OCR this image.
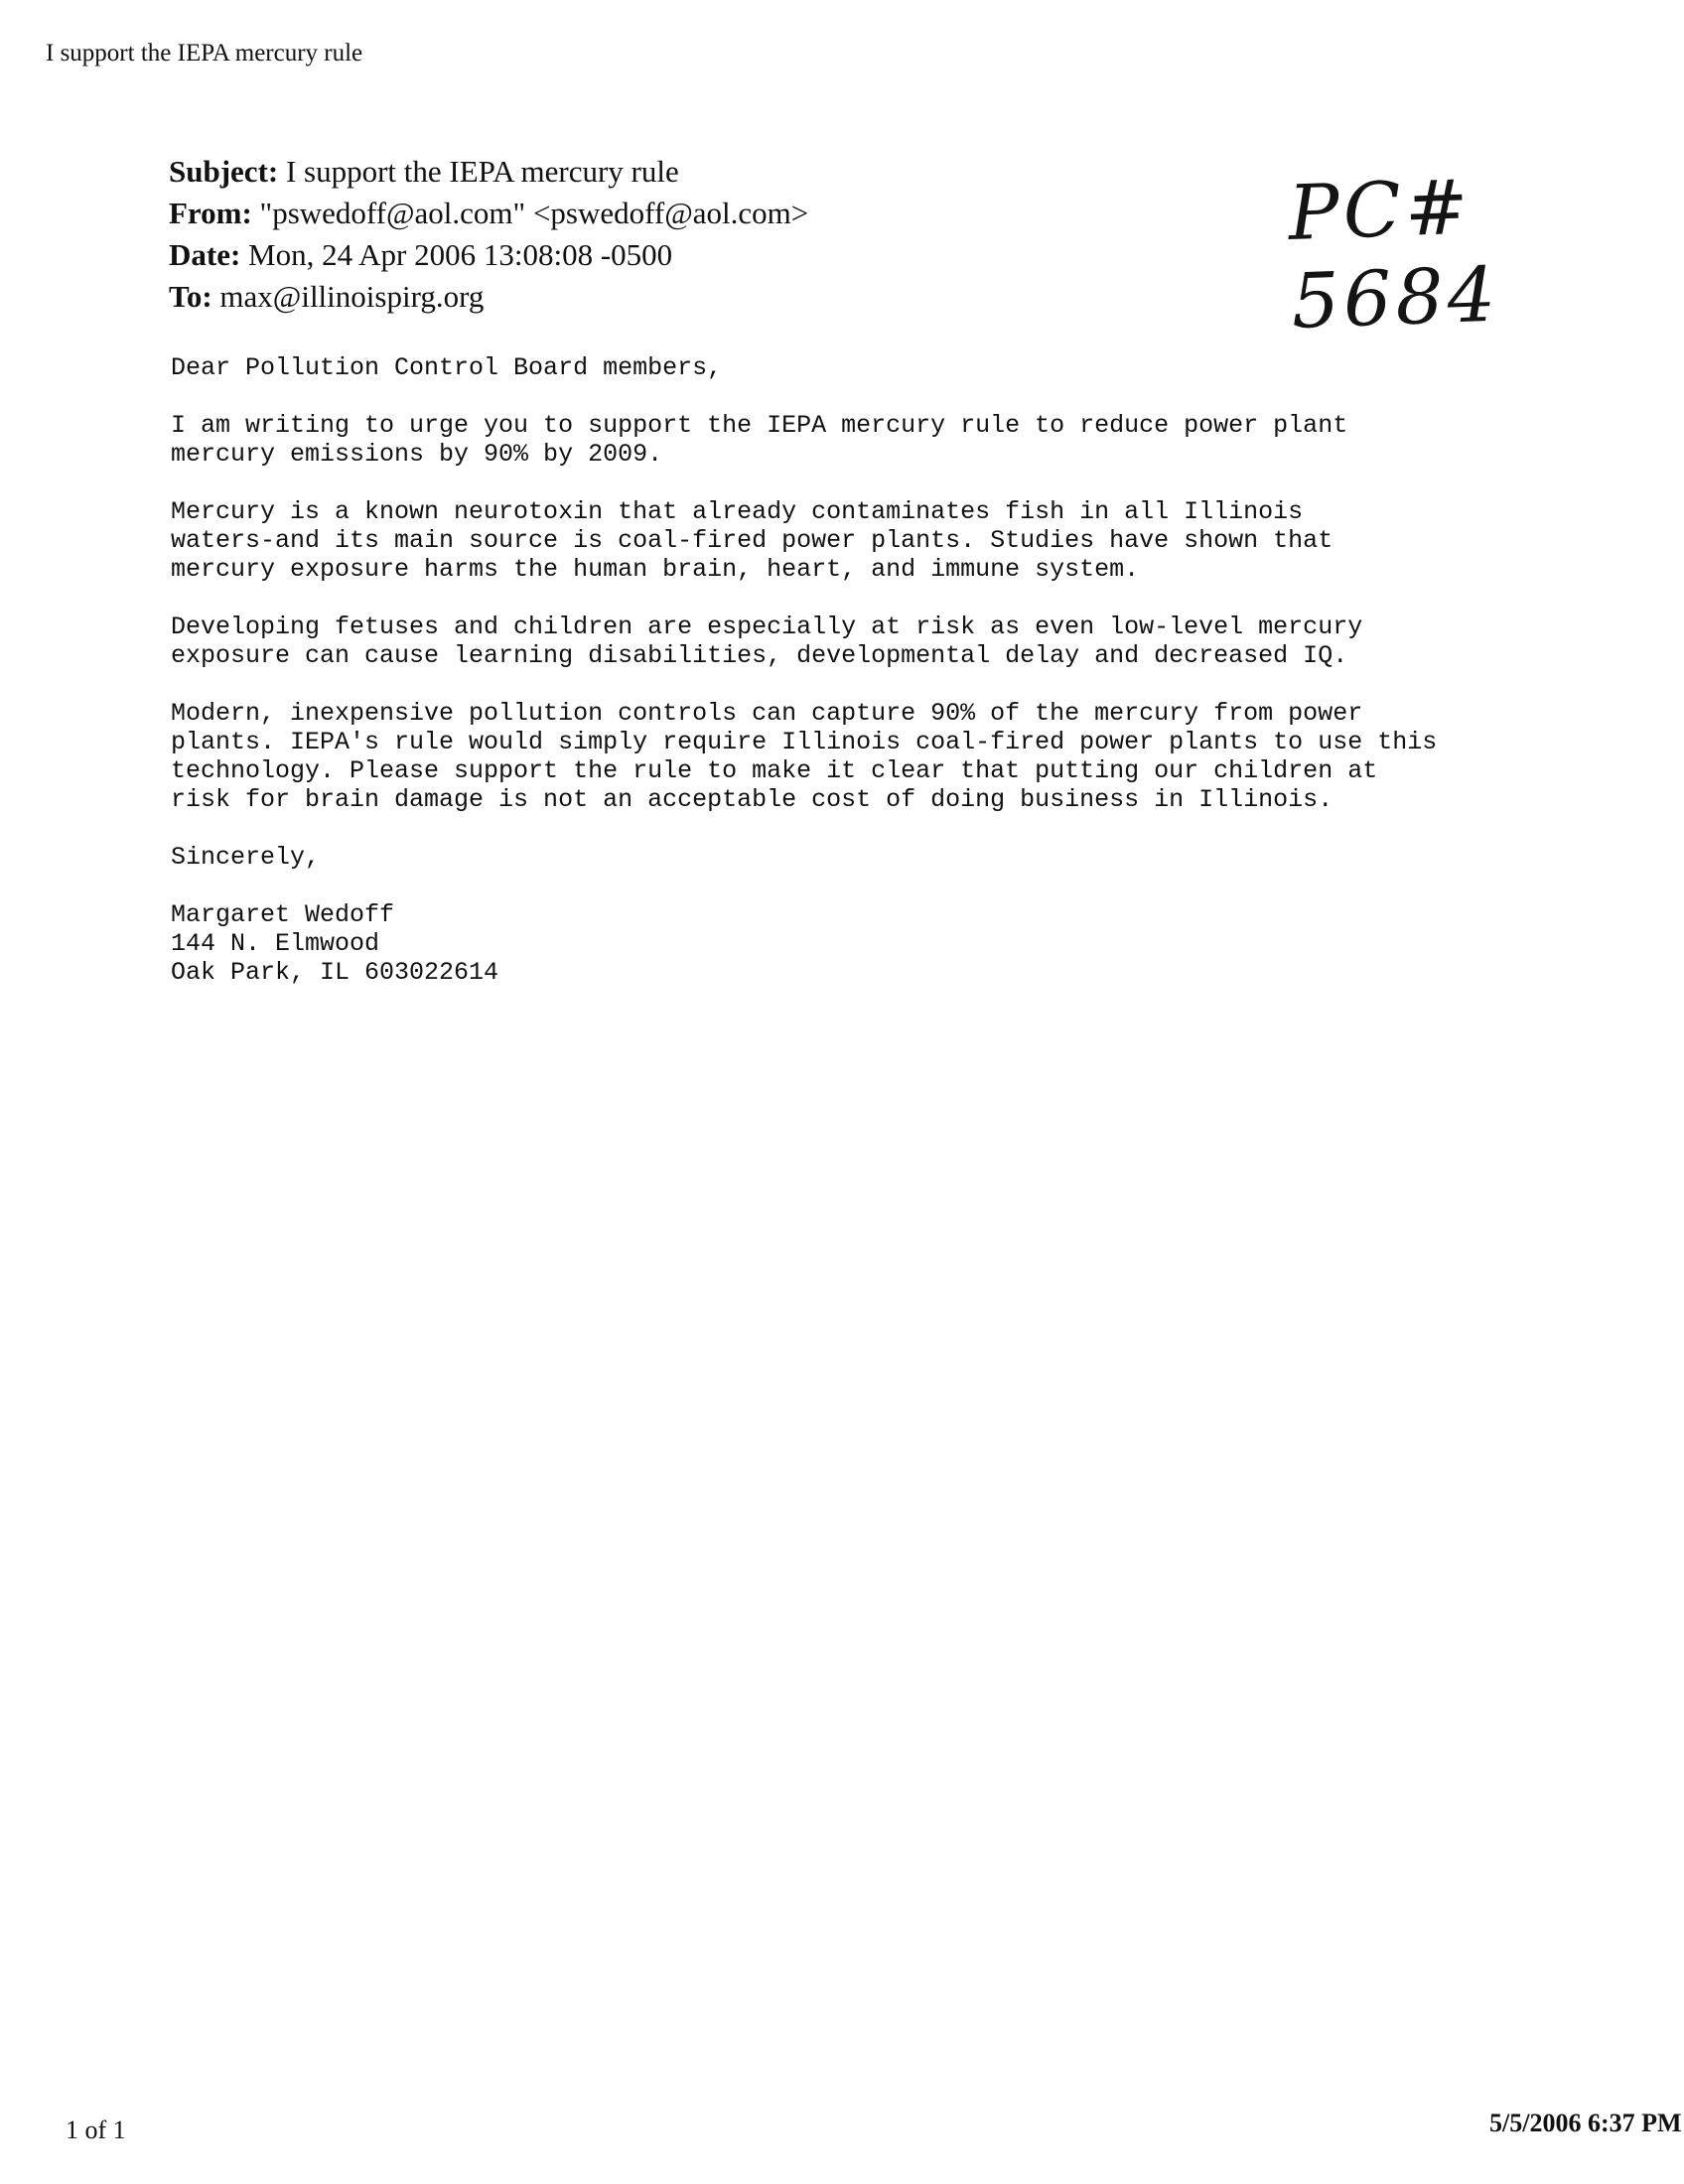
I support the IEPA mercury rule
Subject: I support the IEPA mercury rule
From: "pswedoff@aol.com" <pswedoff@aol.com>
Date: Mon, 24 Apr 2006 13:08:08 -0500
To: max@illinoispirg.org
PC# 5684

Dear Pollution Control Board members,

I am writing to urge you to support the IEPA mercury rule to reduce power plant
mercury emissions by 90% by 2009.

Mercury is a known neurotoxin that already contaminates fish in all Illinois
waters-and its main source is coal-fired power plants. Studies have shown that
mercury exposure harms the human brain, heart, and immune system.

Developing fetuses and children are especially at risk as even low-level mercury
exposure can cause learning disabilities, developmental delay and decreased IQ.

Modern, inexpensive pollution controls can capture 90% of the mercury from power
plants. IEPA's rule would simply require Illinois coal-fired power plants to use this
technology. Please support the rule to make it clear that putting our children at
risk for brain damage is not an acceptable cost of doing business in Illinois.

Sincerely,

Margaret Wedoff
144 N. Elmwood
Oak Park, IL 603022614
1 of 1	5/5/2006 6:37 PM
